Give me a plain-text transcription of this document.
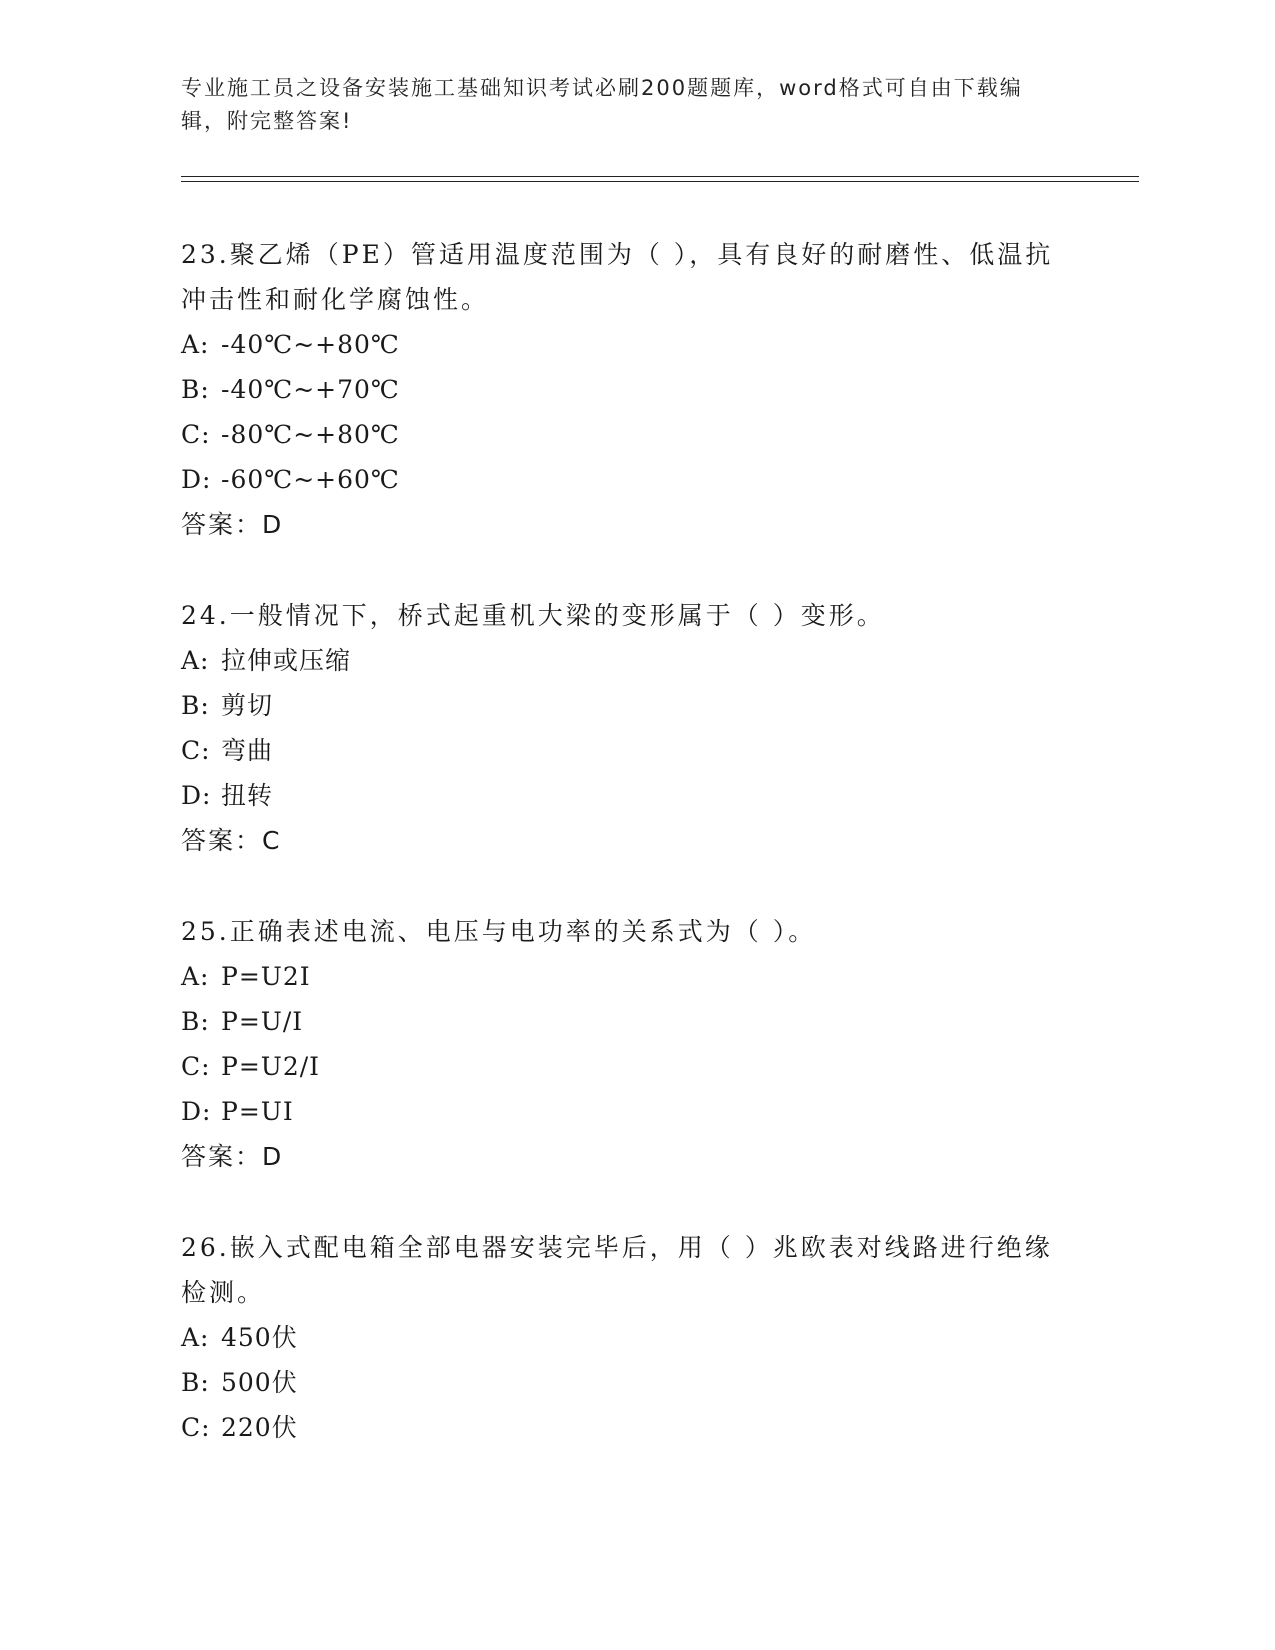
专业施工员之设备安装施工基础知识考试必刷200题题库，word格式可自由下载编辑，附完整答案!
23.聚乙烯（PE）管适用温度范围为（ ），具有良好的耐磨性、低温抗冲击性和耐化学腐蚀性。
A: -40℃~+80℃
B: -40℃~+70℃
C: -80℃~+80℃
D: -60℃~+60℃
答案：D
24.一般情况下，桥式起重机大梁的变形属于（ ）变形。
A: 拉伸或压缩
B: 剪切
C: 弯曲
D: 扭转
答案：C
25.正确表述电流、电压与电功率的关系式为（ ）。
A: P=U2I
B: P=U/I
C: P=U2/I
D: P=UI
答案：D
26.嵌入式配电箱全部电器安装完毕后，用（ ）兆欧表对线路进行绝缘检测。
A: 450伏
B: 500伏
C: 220伏
